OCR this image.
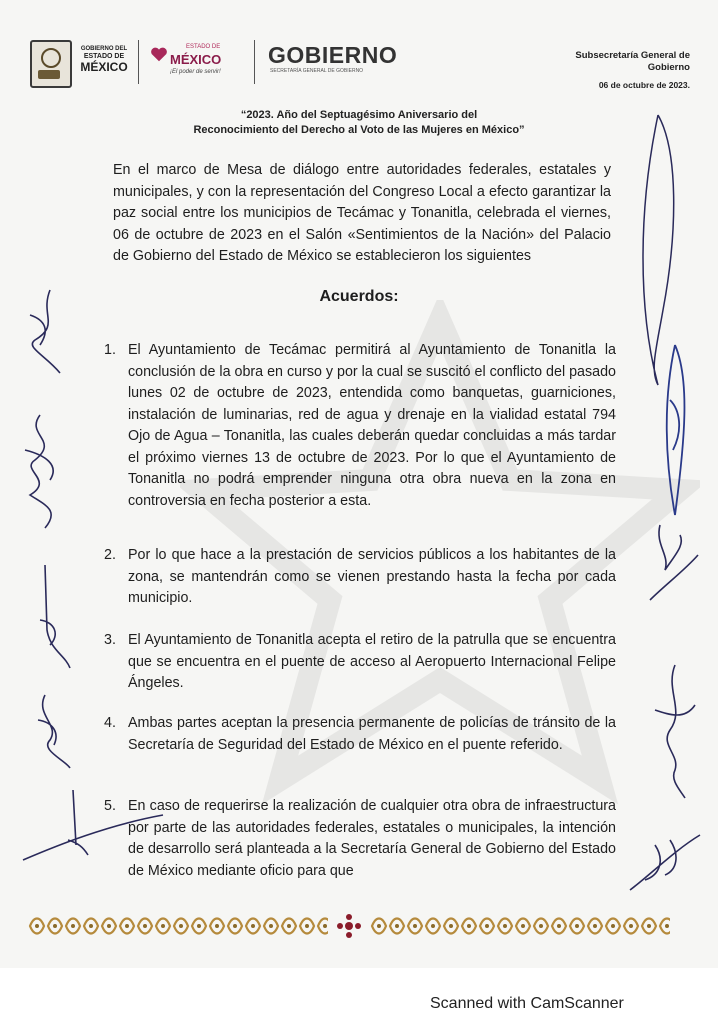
GOBIERNO DEL
ESTADO DE
MÉXICO
ESTADO DE
MÉXICO
¡El poder de servir!
GOBIERNO
SECRETARÍA GENERAL DE GOBIERNO
Subsecretaría General de
Gobierno
06 de octubre de 2023.
“2023. Año del Septuagésimo Aniversario del
Reconocimiento del Derecho al Voto de las Mujeres en México”
En el marco de Mesa de diálogo entre autoridades federales, estatales y municipales, y con la representación del Congreso Local a efecto garantizar la paz social entre los municipios de Tecámac y Tonanitla, celebrada el viernes, 06 de octubre de 2023 en el Salón «Sentimientos de la Nación» del Palacio de Gobierno del Estado de México se establecieron los siguientes
Acuerdos:
1. El Ayuntamiento de Tecámac permitirá al Ayuntamiento de Tonanitla la conclusión de la obra en curso y por la cual se suscitó el conflicto del pasado lunes 02 de octubre de 2023, entendida como banquetas, guarniciones, instalación de luminarias, red de agua y drenaje en la vialidad estatal 794 Ojo de Agua – Tonanitla, las cuales deberán quedar concluidas a más tardar el próximo viernes 13 de octubre de 2023. Por lo que el Ayuntamiento de Tonanitla no podrá emprender ninguna otra obra nueva en la zona en controversia en fecha posterior a esta.
2. Por lo que hace a la prestación de servicios públicos a los habitantes de la zona, se mantendrán como se vienen prestando hasta la fecha por cada municipio.
3. El Ayuntamiento de Tonanitla acepta el retiro de la patrulla que se encuentra que se encuentra en el puente de acceso al Aeropuerto Internacional Felipe Ángeles.
4. Ambas partes aceptan la presencia permanente de policías de tránsito de la Secretaría de Seguridad del Estado de México en el puente referido.
5. En caso de requerirse la realización de cualquier otra obra de infraestructura por parte de las autoridades federales, estatales o municipales, la intención de desarrollo será planteada a la Secretaría General de Gobierno del Estado de México mediante oficio para que
Scanned with CamScanner
